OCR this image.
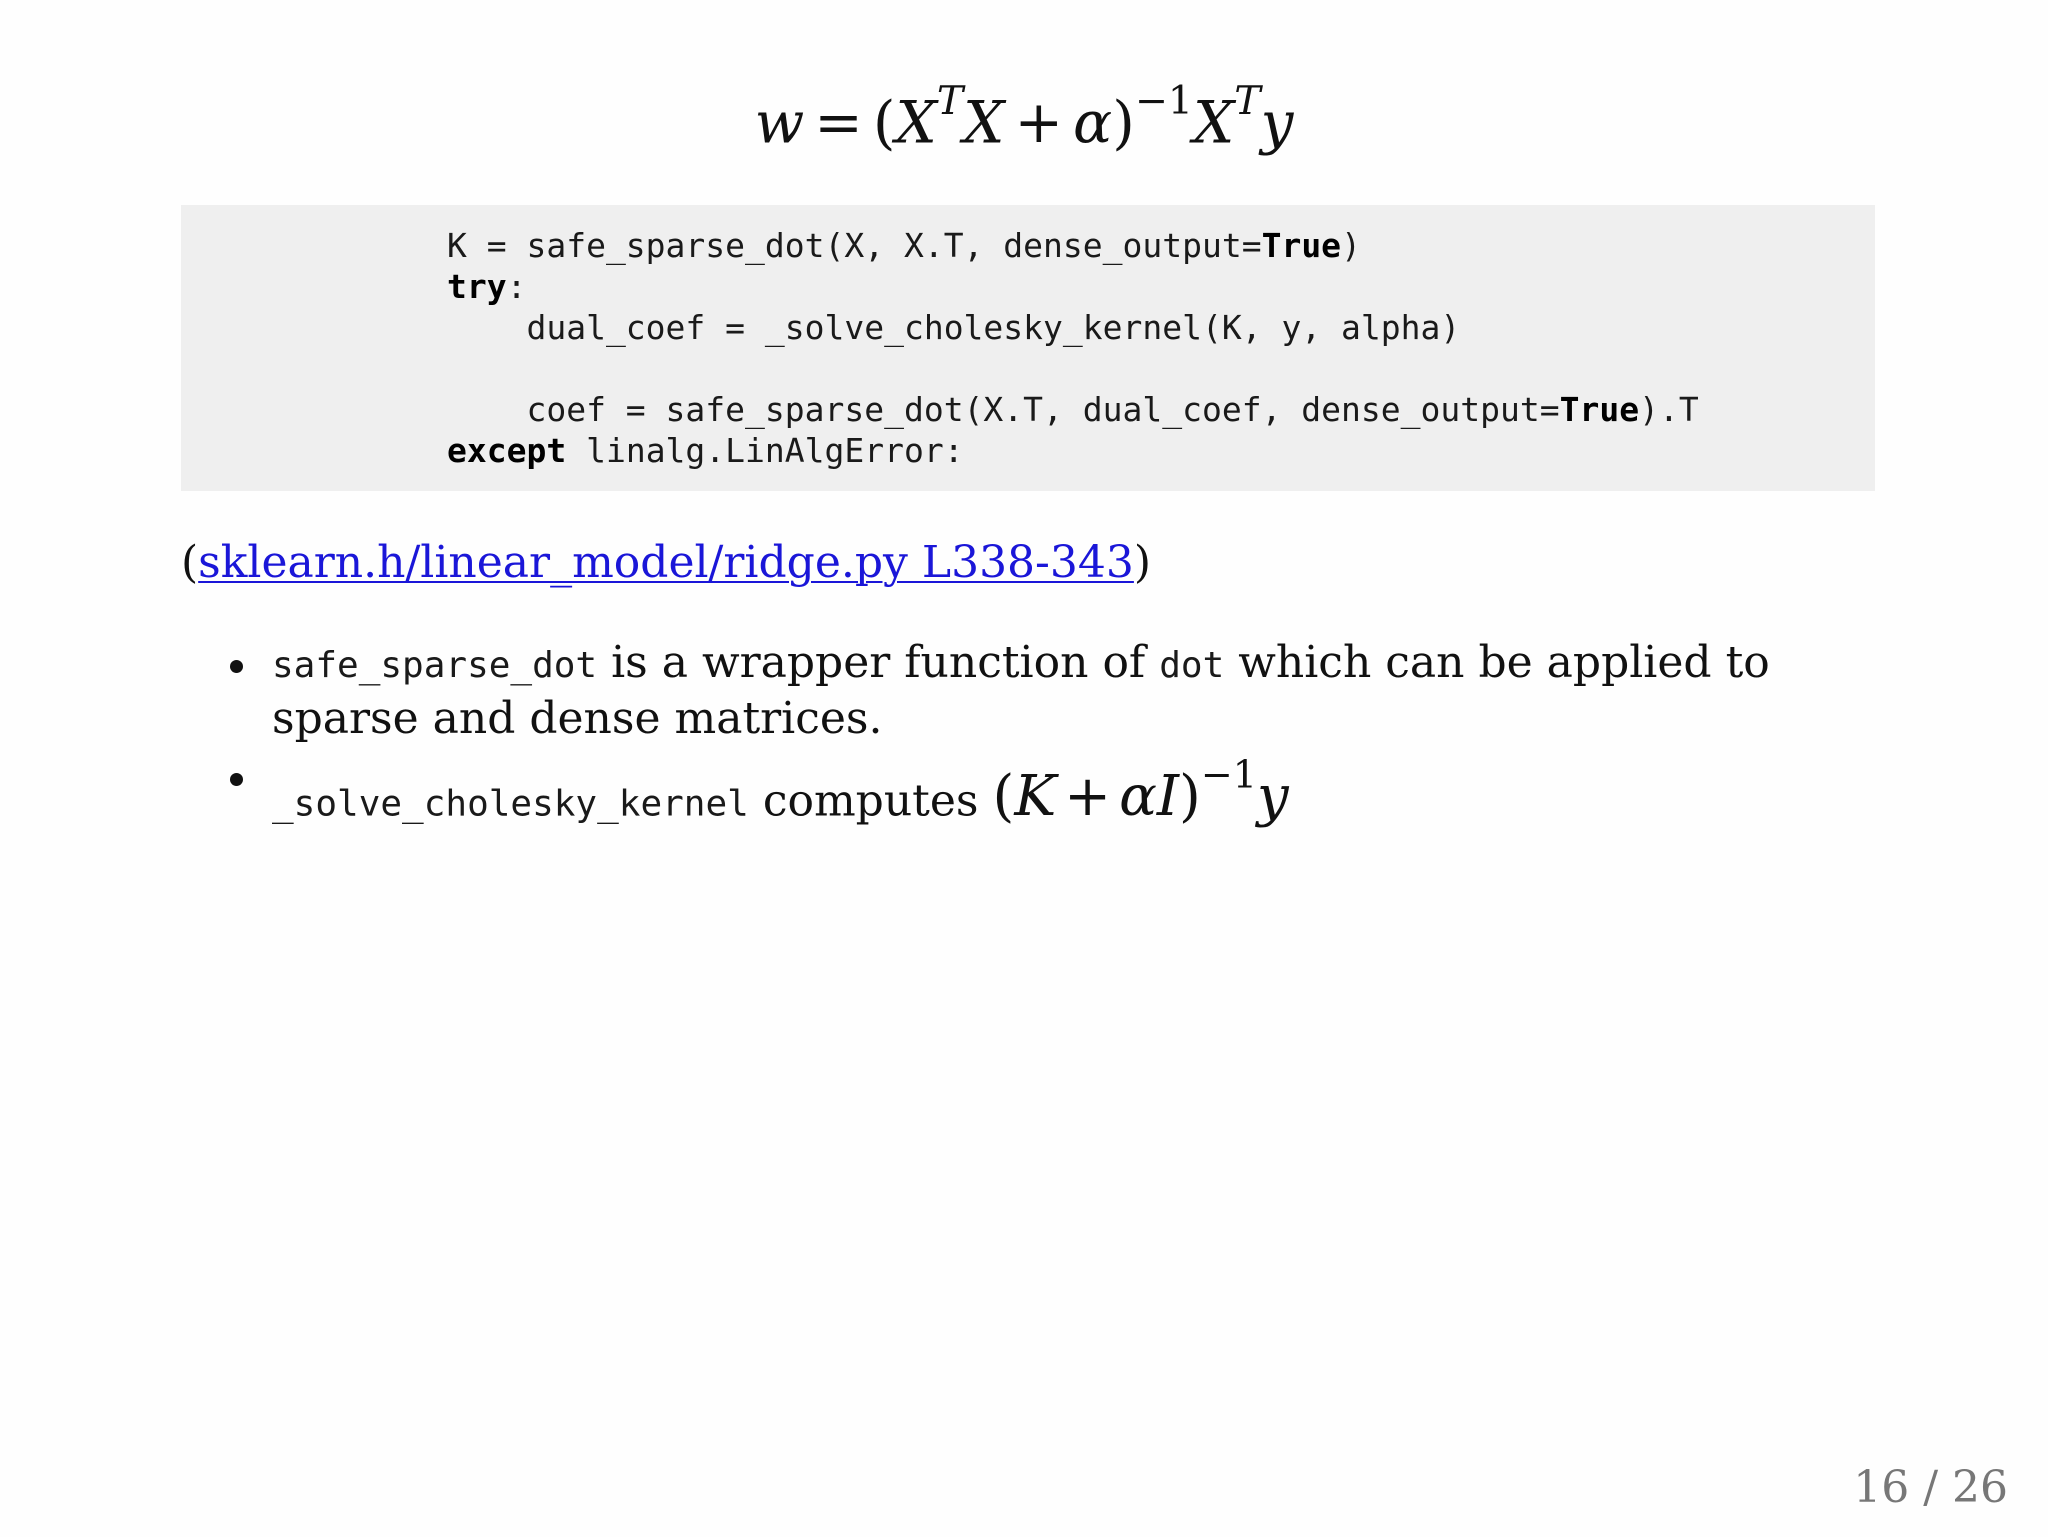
$w = (X^TX + \alpha)^{-1}X^Ty$
K = safe_sparse_dot(X, X.T, dense_output=True)
try:
dual_coef = _solve_cholesky_kernel(K, y, alpha)
coef = safe_sparse_dot(X.T, dual_coef, dense_output=True).T
except linalg.LinAlgError:
(sklearn.h/linear_model/ridge.py L338-343)
safe_sparse_dot is a wrapper function of dot which can be applied to sparse and dense matrices.
_solve_cholesky_kernel computes $(K + \alpha I)^{-1}y$
16 / 26
